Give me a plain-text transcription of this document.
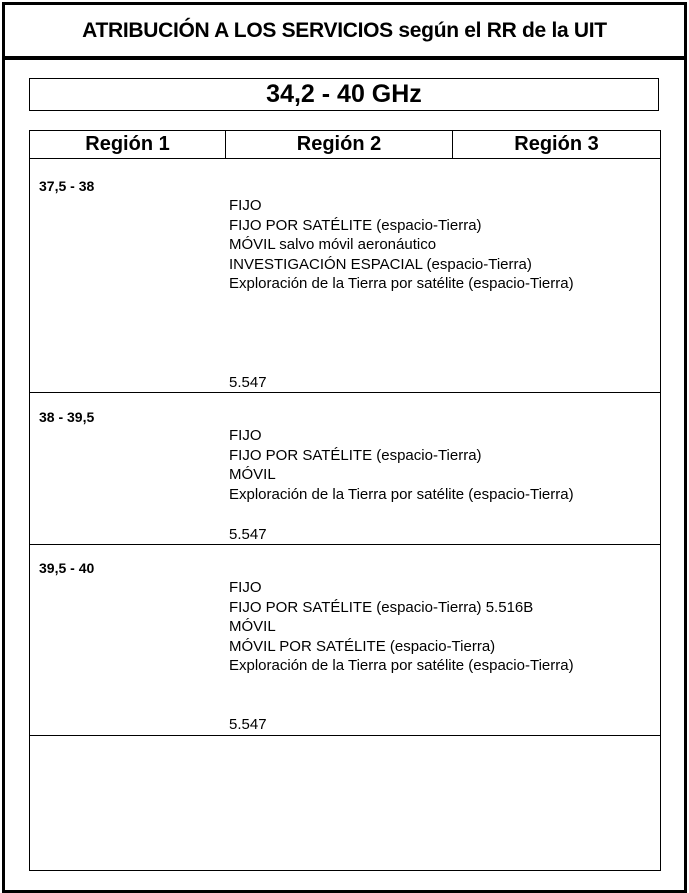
ATRIBUCIÓN A LOS SERVICIOS según el RR de la UIT
34,2 - 40 GHz
Región 1	Región 2	Región 3
37,5 - 38
FIJO
FIJO POR SATÉLITE (espacio-Tierra)
MÓVIL salvo móvil aeronáutico
INVESTIGACIÓN ESPACIAL (espacio-Tierra)
Exploración de la Tierra por satélite (espacio-Tierra)
5.547
38 - 39,5
FIJO
FIJO POR SATÉLITE (espacio-Tierra)
MÓVIL
Exploración de la Tierra por satélite (espacio-Tierra)
5.547
39,5 - 40
FIJO
FIJO POR SATÉLITE (espacio-Tierra) 5.516B
MÓVIL
MÓVIL POR SATÉLITE (espacio-Tierra)
Exploración de la Tierra por satélite (espacio-Tierra)
5.547
